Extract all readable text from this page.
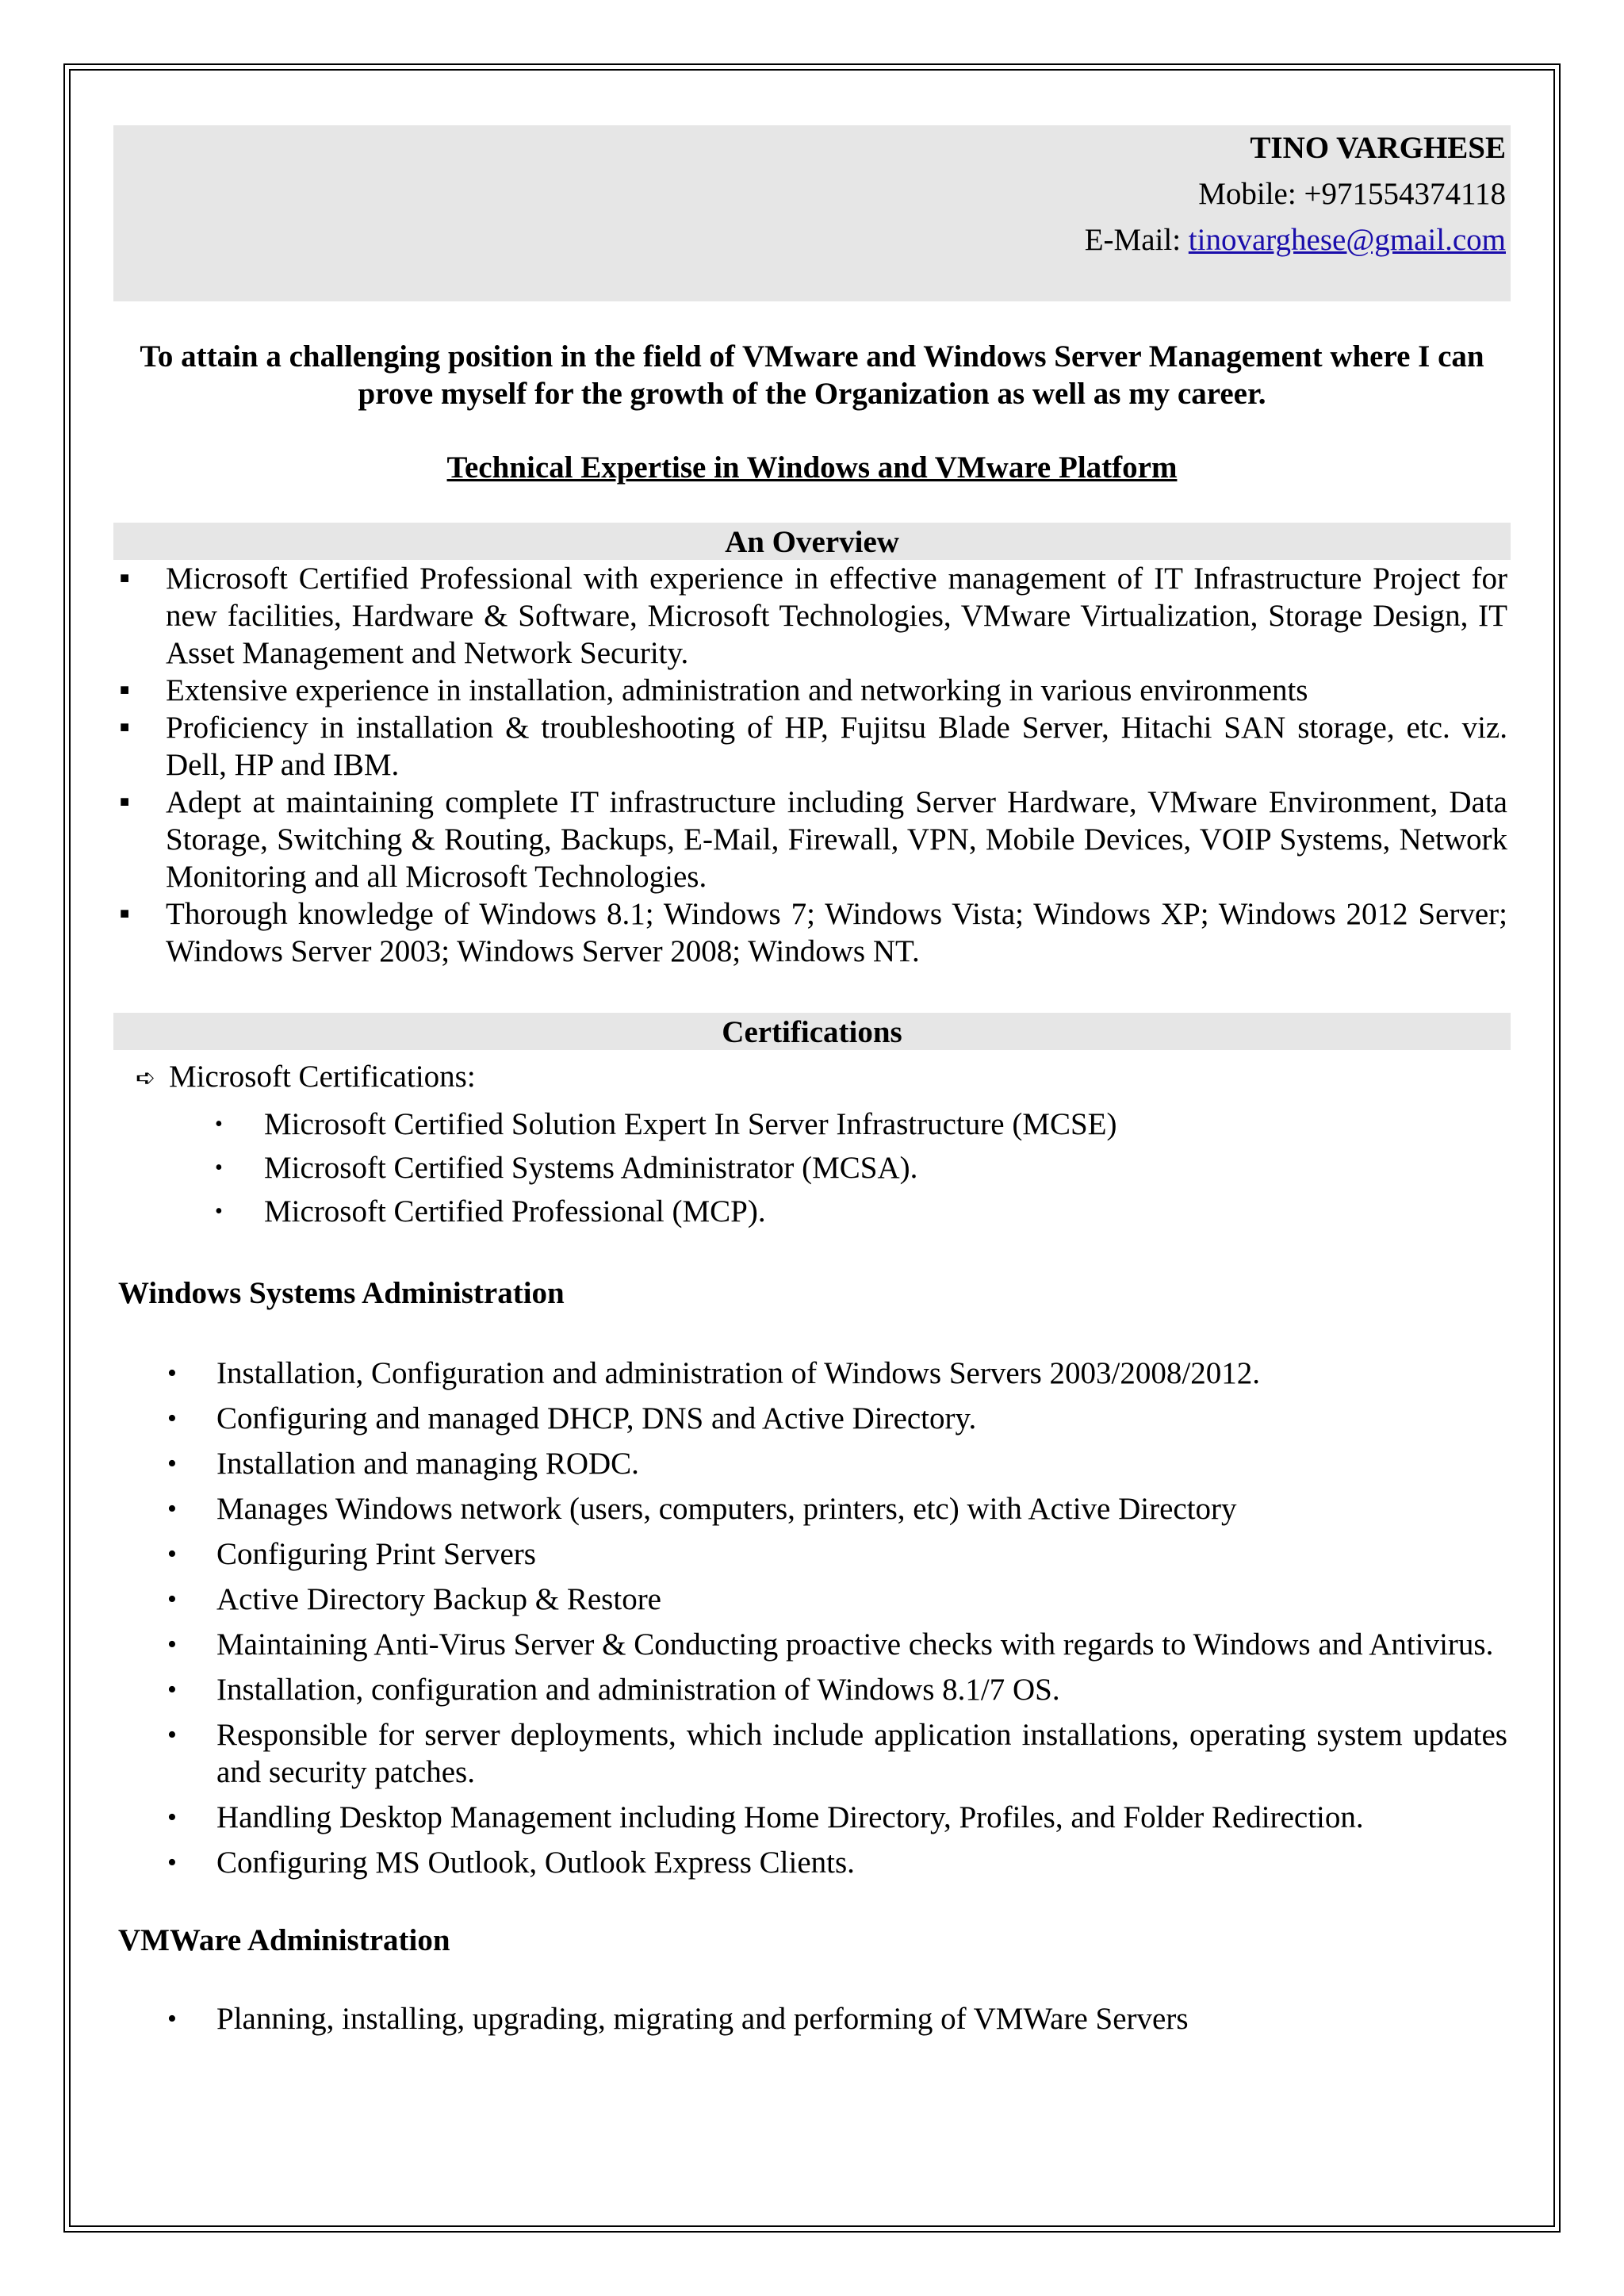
TINO VARGHESE
Mobile: +971554374118
E-Mail: tinovarghese@gmail.com
To attain a challenging position in the field of VMware and Windows Server Management where I can prove myself for the growth of the Organization as well as my career.
Technical Expertise in Windows and VMware Platform
An Overview
■ Microsoft Certified Professional with experience in effective management of IT Infrastructure Project for new facilities, Hardware & Software, Microsoft Technologies, VMware Virtualization, Storage Design, IT Asset Management and Network Security.
■ Extensive experience in installation, administration and networking in various environments
■ Proficiency in installation & troubleshooting of HP, Fujitsu Blade Server, Hitachi SAN storage, etc. viz. Dell, HP and IBM.
■ Adept at maintaining complete IT infrastructure including Server Hardware, VMware Environment, Data Storage, Switching & Routing, Backups, E-Mail, Firewall, VPN, Mobile Devices, VOIP Systems, Network Monitoring and all Microsoft Technologies.
■ Thorough knowledge of Windows 8.1; Windows 7; Windows Vista; Windows XP; Windows 2012 Server; Windows Server 2003; Windows Server 2008; Windows NT.
Certifications
➪ Microsoft Certifications:
• Microsoft Certified Solution Expert In Server Infrastructure (MCSE)
• Microsoft Certified Systems Administrator (MCSA).
• Microsoft Certified Professional (MCP).
Windows Systems Administration
• Installation, Configuration and administration of Windows Servers 2003/2008/2012.
• Configuring and managed DHCP, DNS and Active Directory.
• Installation and managing RODC.
• Manages Windows network (users, computers, printers, etc) with Active Directory
• Configuring Print Servers
• Active Directory Backup & Restore
• Maintaining Anti-Virus Server & Conducting proactive checks with regards to Windows and Antivirus.
• Installation, configuration and administration of Windows 8.1/7 OS.
• Responsible for server deployments, which include application installations, operating system updates and security patches.
• Handling Desktop Management including Home Directory, Profiles, and Folder Redirection.
• Configuring MS Outlook, Outlook Express Clients.
VMWare Administration
• Planning, installing, upgrading, migrating and performing of VMWare Servers
